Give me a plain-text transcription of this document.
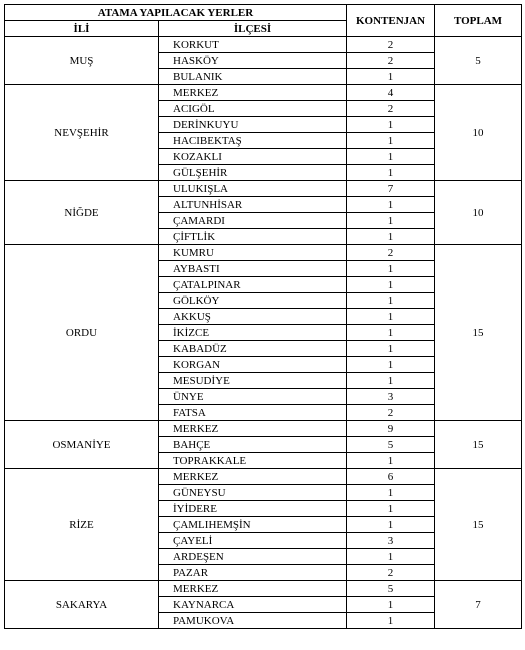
ATAMA YAPILACAK YERLER		KONTENJAN	TOPLAM
İLİ	İLÇESİ		
MUŞ	KORKUT	2	5
	HASKÖY	2	
	BULANIK	1	
NEVŞEHİR	MERKEZ	4	10
	ACIGÖL	2	
	DERİNKUYU	1	
	HACIBEKTAŞ	1	
	KOZAKLI	1	
	GÜLŞEHİR	1	
NİĞDE	ULUKIŞLA	7	10
	ALTUNHİSAR	1	
	ÇAMARDI	1	
	ÇİFTLİK	1	
ORDU	KUMRU	2	15
	AYBASTI	1	
	ÇATALPINAR	1	
	GÖLKÖY	1	
	AKKUŞ	1	
	İKİZCE	1	
	KABADÜZ	1	
	KORGAN	1	
	MESUDİYE	1	
	ÜNYE	3	
	FATSA	2	
OSMANİYE	MERKEZ	9	15
	BAHÇE	5	
	TOPRAKKALE	1	
RİZE	MERKEZ	6	15
	GÜNEYSU	1	
	İYİDERE	1	
	ÇAMLIHEMŞİN	1	
	ÇAYELİ	3	
	ARDEŞEN	1	
	PAZAR	2	
SAKARYA	MERKEZ	5	7
	KAYNARCA	1	
	PAMUKOVA	1	
